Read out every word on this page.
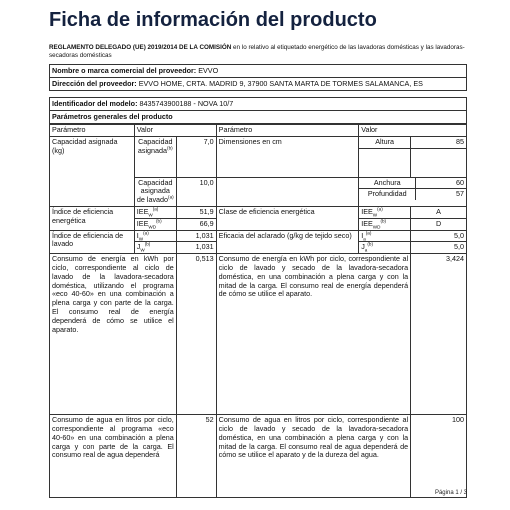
Ficha de información del producto
REGLAMENTO DELEGADO (UE) 2019/2014 DE LA COMISIÓN en lo relativo al etiquetado energético de las lavadoras domésticas y las lavadoras-secadoras domésticas
Nombre o marca comercial del proveedor: EVVO
Dirección del proveedor: EVVO HOME, CRTA. MADRID 9, 37900 SANTA MARTA DE TORMES SALAMANCA, ES
Identificador del modelo: 8435743900188 - NOVA 10/7
Parámetros generales del producto
Parámetro	Valor	Parámetro	Valor
Capacidad asignada (kg)	Capacidad asignada$^{(b)}$	7,0	Dimensiones en cm	Altura	85

Capacidad asignada de lavado$^{(a)}$	10,0			Anchura	60
Profundidad	57

Índice de eficiencia energética	$IEE_W^{(a)}$	51,9	Clase de eficiencia energética	$IEE_W^{(a)}$	A
$IEE_{WD}^{(b)}$	66,9	$IEE_{WD}^{(b)}$	D
Índice de eficiencia de lavado	$I_W^{(a)}$	1,031	Eficacia del aclarado (g/kg de tejido seco)	$I_a^{(a)}$	5,0
$J_W^{(b)}$	1,031	$J_a^{(b)}$	5,0
Consumo de energía en kWh por ciclo, correspondiente al ciclo de lavado de la lavadora-secadora doméstica, utilizando el programa «eco 40-60» en una combinación a plena carga y con parte de la carga. El consumo real de energía dependerá de cómo se utilice el aparato.	0,513	Consumo de energía en kWh por ciclo, correspondiente al ciclo de lavado y secado de la lavadora-secadora doméstica, en una combinación a plena carga y con la mitad de la carga. El consumo real de energía dependerá de cómo se utilice el aparato.	3,424
Consumo de agua en litros por ciclo, correspondiente al programa «eco 40-60» en una combinación a plena carga y con parte de la carga. El consumo real de agua dependerá	52	Consumo de agua en litros por ciclo, correspondiente al ciclo de lavado y secado de la lavadora-secadora doméstica, en una combinación a plena carga y con la mitad de la carga. El consumo real de agua dependerá de cómo se utilice el aparato y de la dureza del agua.	100
Página 1 / 3
